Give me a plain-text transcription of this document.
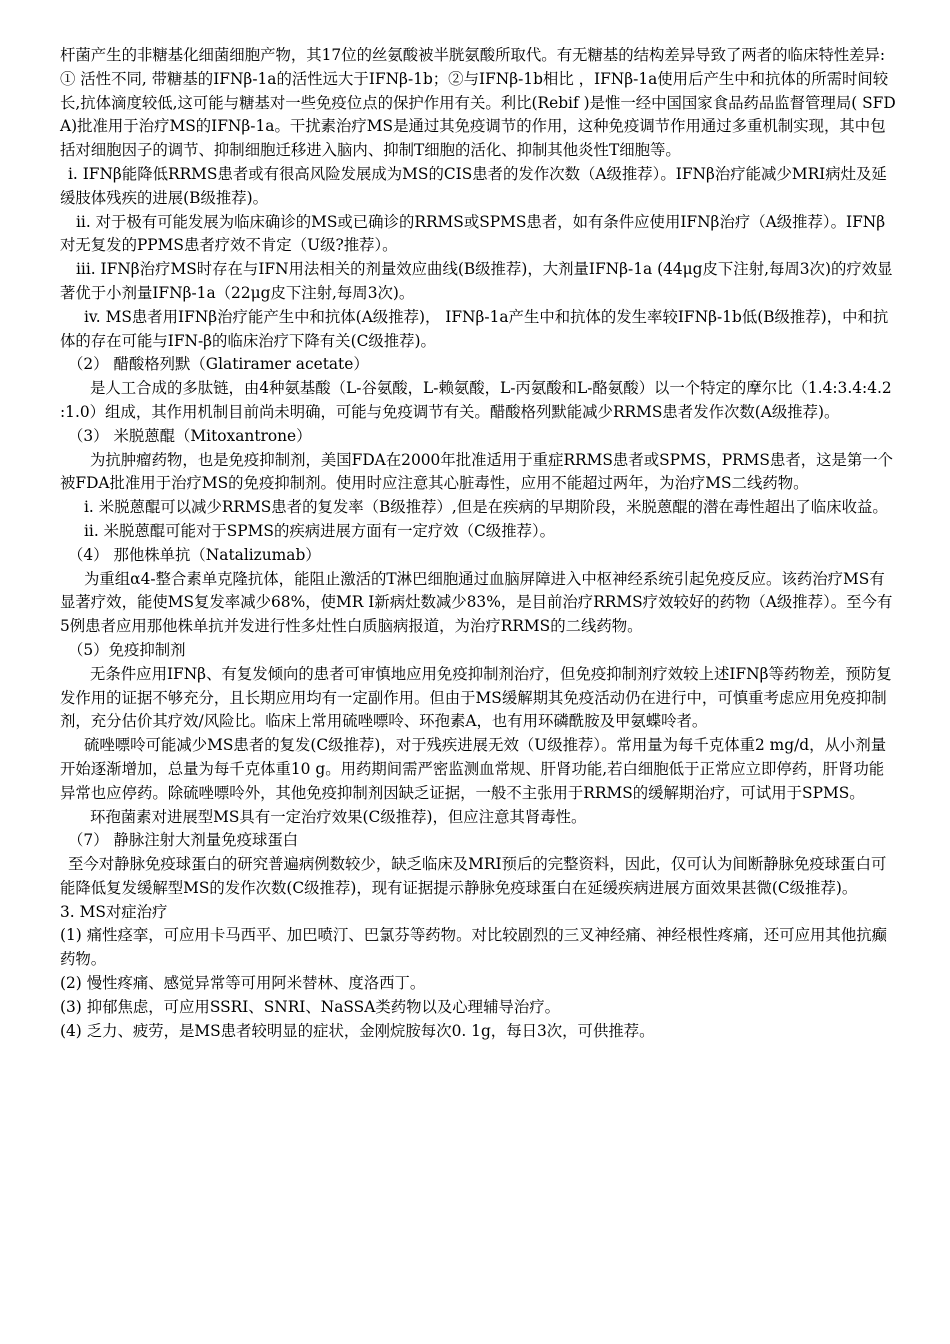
杆菌产生的非糖基化细菌细胞产物，其17位的丝氨酸被半胱氨酸所取代。有无糖基的结构差异导致了两者的临床特性差异:① 活性不同, 带糖基的IFNβ-1a的活性远大于IFNβ-1b；②与IFNβ-1b相比 ，IFNβ-1a使用后产生中和抗体的所需时间较长,抗体滴度较低,这可能与糖基对一些免疫位点的保护作用有关。利比(Rebif )是惟一经中国国家食品药品监督管理局( SFDA)批准用于治疗MS的IFNβ-1a。干扰素治疗MS是通过其免疫调节的作用，这种免疫调节作用通过多重机制实现，其中包括对细胞因子的调节、抑制细胞迁移进入脑内、抑制T细胞的活化、抑制其他炎性T细胞等。

i. IFNβ能降低RRMS患者或有很高风险发展成为MS的CIS患者的发作次数（A级推荐）。IFNβ治疗能减少MRI病灶及延缓肢体残疾的进展(B级推荐)。

ii. 对于极有可能发展为临床确诊的MS或已确诊的RRMS或SPMS患者，如有条件应使用IFNβ治疗（A级推荐）。IFNβ对无复发的PPMS患者疗效不肯定（U级?推荐）。

iii. IFNβ治疗MS时存在与IFN用法相关的剂量效应曲线(B级推荐)，大剂量IFNβ-1a (44μg皮下注射,每周3次)的疗效显著优于小剂量IFNβ-1a（22μg皮下注射,每周3次)。

iv. MS患者用IFNβ治疗能产生中和抗体(A级推荐)， IFNβ-1a产生中和抗体的发生率较IFNβ-1b低(B级推荐)，中和抗体的存在可能与IFN-β的临床治疗下降有关(C级推荐)。

（2） 醋酸格列默（Glatiramer acetate）

是人工合成的多肽链，由4种氨基酸（L-谷氨酸，L-赖氨酸，L-丙氨酸和L-酪氨酸）以一个特定的摩尔比（1.4:3.4:4.2 :1.0）组成，其作用机制目前尚未明确，可能与免疫调节有关。醋酸格列默能减少RRMS患者发作次数(A级推荐)。

（3） 米脱蒽醌（Mitoxantrone）

为抗肿瘤药物，也是免疫抑制剂，美国FDA在2000年批准适用于重症RRMS患者或SPMS，PRMS患者，这是第一个被FDA批准用于治疗MS的免疫抑制剂。使用时应注意其心脏毒性，应用不能超过两年，为治疗MS二线药物。

i. 米脱蒽醌可以减少RRMS患者的复发率（B级推荐）,但是在疾病的早期阶段，米脱蒽醌的潜在毒性超出了临床收益。

ii. 米脱蒽醌可能对于SPMS的疾病进展方面有一定疗效（C级推荐）。

（4） 那他株单抗（Natalizumab）

为重组α4-整合素单克隆抗体，能阻止激活的T淋巴细胞通过血脑屏障进入中枢神经系统引起免疫反应。该药治疗MS有显著疗效，能使MS复发率减少68%，使MR I新病灶数减少83%，是目前治疗RRMS疗效较好的药物（A级推荐）。至今有5例患者应用那他株单抗并发进行性多灶性白质脑病报道，为治疗RRMS的二线药物。

（5）免疫抑制剂

无条件应用IFNβ、有复发倾向的患者可审慎地应用免疫抑制剂治疗，但免疫抑制剂疗效较上述IFNβ等药物差，预防复发作用的证据不够充分，且长期应用均有一定副作用。但由于MS缓解期其免疫活动仍在进行中，可慎重考虑应用免疫抑制剂，充分估价其疗效/风险比。临床上常用硫唑嘌呤、环孢素A，也有用环磷酰胺及甲氨蝶呤者。

硫唑嘌呤可能减少MS患者的复发(C级推荐)，对于残疾进展无效（U级推荐）。常用量为每千克体重2 mg/d，从小剂量开始逐渐增加，总量为每千克体重10 g。用药期间需严密监测血常规、肝肾功能,若白细胞低于正常应立即停药，肝肾功能异常也应停药。除硫唑嘌呤外，其他免疫抑制剂因缺乏证据，一般不主张用于RRMS的缓解期治疗，可试用于SPMS。

环孢菌素对进展型MS具有一定治疗效果(C级推荐)，但应注意其肾毒性。

（7） 静脉注射大剂量免疫球蛋白

至今对静脉免疫球蛋白的研究普遍病例数较少，缺乏临床及MRI预后的完整资料，因此，仅可认为间断静脉免疫球蛋白可能降低复发缓解型MS的发作次数(C级推荐)，现有证据提示静脉免疫球蛋白在延缓疾病进展方面效果甚微(C级推荐)。

3. MS对症治疗

(1) 痛性痉挛，可应用卡马西平、加巴喷汀、巴氯芬等药物。对比较剧烈的三叉神经痛、神经根性疼痛，还可应用其他抗癫药物。

(2) 慢性疼痛、感觉异常等可用阿米替林、度洛西丁。

(3) 抑郁焦虑，可应用SSRI、SNRI、NaSSA类药物以及心理辅导治疗。

(4) 乏力、疲劳，是MS患者较明显的症状，金刚烷胺每次0. 1g，每日3次，可供推荐。
